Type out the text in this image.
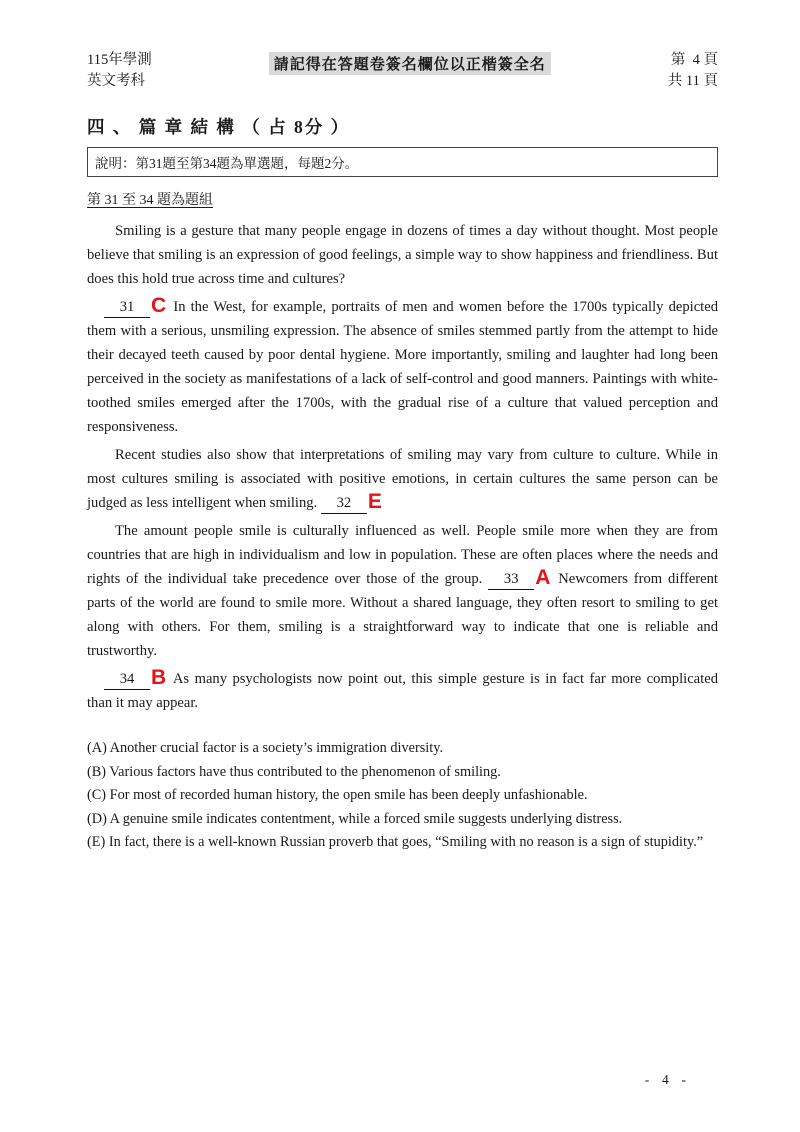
115年學測
英文考科
請記得在答題卷簽名欄位以正楷簽全名	第  4 頁
共 11 頁
四 、 篇 章 結 構 （ 占 8分 ）
說明：第31題至第34題為單選題，每題2分。
第 31 至 34 題為題組

Smiling is a gesture that many people engage in dozens of times a day without thought. Most people believe that smiling is an expression of good feelings, a simple way to show happiness and friendliness. But does this hold true across time and cultures?

31 C In the West, for example, portraits of men and women before the 1700s typically depicted them with a serious, unsmiling expression. The absence of smiles stemmed partly from the attempt to hide their decayed teeth caused by poor dental hygiene. More importantly, smiling and laughter had long been perceived in the society as manifestations of a lack of self-control and good manners. Paintings with white-toothed smiles emerged after the 1700s, with the gradual rise of a culture that valued perception and responsiveness.

Recent studies also show that interpretations of smiling may vary from culture to culture. While in most cultures smiling is associated with positive emotions, in certain cultures the same person can be judged as less intelligent when smiling. 32 E

The amount people smile is culturally influenced as well. People smile more when they are from countries that are high in individualism and low in population. These are often places where the needs and rights of the individual take precedence over those of the group. 33 A Newcomers from different parts of the world are found to smile more. Without a shared language, they often resort to smiling to get along with others. For them, smiling is a straightforward way to indicate that one is reliable and trustworthy.

34 B As many psychologists now point out, this simple gesture is in fact far more complicated than it may appear.

(A) Another crucial factor is a society’s immigration diversity.
(B) Various factors have thus contributed to the phenomenon of smiling.
(C) For most of recorded human history, the open smile has been deeply unfashionable.
(D) A genuine smile indicates contentment, while a forced smile suggests underlying distress.
(E) In fact, there is a well-known Russian proverb that goes, “Smiling with no reason is a sign of stupidity.”
-  4  -
